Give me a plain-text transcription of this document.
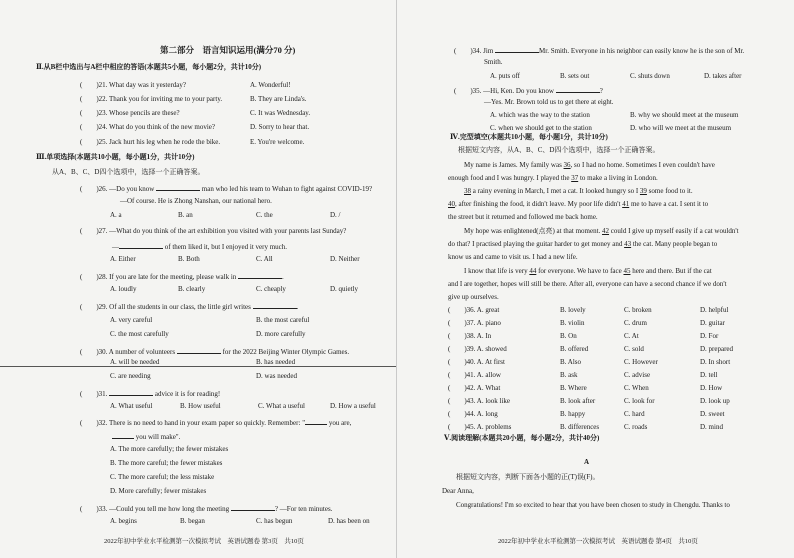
第二部分　语言知识运用(满分70 分)
Ⅱ.从B栏中选出与A栏中相应的答语(本题共5小题，每小题2分，共计10分)
(　　)21. What day was it yesterday?	A. Wonderful!
(　　)22. Thank you for inviting me to your party.	B. They are Linda's.
(　　)23. Whose pencils are these?	C. It was Wednesday.
(　　)24. What do you think of the new movie?	D. Sorry to hear that.
(　　)25. Jack hurt his leg when he rode the bike.	E. You're welcome.
Ⅲ.单项选择(本题共10小题，每小题1分，共计10分)
从A、B、C、D四个选项中，选择一个正确答案。
(　　)26. —Do you know	man who led his team to Wuhan to fight against COVID-19?
—Of course. He is Zhong Nanshan, our national hero.
A. a	B. an	C. the	D. /
(　　)27. —What do you think of the art exhibition you visited with your parents last Sunday?
—	of them liked it, but I enjoyed it very much.
A. Either	B. Both	C. All	D. Neither
(　　)28. If you are late for the meeting, please walk in	.
A. loudly	B. clearly	C. cheaply	D. quietly
(　　)29. Of all the students in our class, the little girl writes	.
A. very careful	B. the most careful
C. the most carefully	D. more carefully
(　　)30. A number of volunteers	for the 2022 Beijing Winter Olympic Games.
A. will be needed	B. has needed
C. are needing	D. was needed
(　　)31.	advice it is for reading!
A. What useful	B. How useful	C. What a useful	D. How a useful
(　　)32. There is no need to hand in your exam paper so quickly. Remember: "	you are,
you will make".
A. The more carefully; the fewer mistakes
B. The more careful; the fewer mistakes
C. The more careful; the less mistake
D. More carefully; fewer mistakes
(　　)33. —Could you tell me how long the meeting	? —For ten minutes.
A. begins	B. began	C. has begun	D. has been on
2022年初中学业水平检测第一次模拟考试　英语试题卷 第3页　共10页
(　　)34. Jim	Mr. Smith. Everyone in his neighbor can easily know he is the son of Mr.
Smith.
A. puts off	B. sets out	C. shuts down	D. takes after
(　　)35. —Hi, Ken. Do you know	?
—Yes. Mr. Brown told us to get there at eight.
A. which was the way to the station	B. why we should meet at the museum
C. when we should get to the station	D. who will we meet at the museum
Ⅳ.完型填空(本题共10小题，每小题1分，共计10分)
根据短文内容，从A、B、C、D四个选项中，选择一个正确答案。
My name is James. My family was 36, so I had no home. Sometimes I even couldn't have
enough food and I was hungry. I played the 37 to make a living in London.
38 a rainy evening in March, I met a cat. It looked hungry so I 39 some food to it.
40, after finishing the food, it didn't leave. My poor life didn't 41 me to have a cat. I sent it to
the street but it returned and followed me back home.
My hope was enlightened(点亮) at that moment. 42 could I give up myself easily if a cat wouldn't
do that? I practised playing the guitar harder to get money and 43 the cat. Many people began to
know us and came to visit us. I had a new life.
I know that life is very 44 for everyone. We have to face 45 here and there. But if the cat
and I are together, hopes will still be there. After all, everyone can have a second chance if we don't
give up ourselves.
(　　)36. A. great	B. lovely	C. broken	D. helpful
(　　)37. A. piano	B. violin	C. drum	D. guitar
(　　)38. A. In	B. On	C. At	D. For
(　　)39. A. showed	B. offered	C. sold	D. prepared
(　　)40. A. At first	B. Also	C. However	D. In short
(　　)41. A. allow	B. ask	C. advise	D. tell
(　　)42. A. What	B. Where	C. When	D. How
(　　)43. A. look like	B. look after	C. look for	D. look up
(　　)44. A. long	B. happy	C. hard	D. sweet
(　　)45. A. problems	B. differences	C. roads	D. mind
Ⅴ.阅读理解(本题共20小题，每小题2分，共计40分)
A
根据短文内容，判断下面各小题的正(T)误(F)。
Dear Anna,
Congratulations! I'm so excited to hear that you have been chosen to study in Chengdu. Thanks to
2022年初中学业水平检测第一次模拟考试　英语试题卷 第4页　共10页
